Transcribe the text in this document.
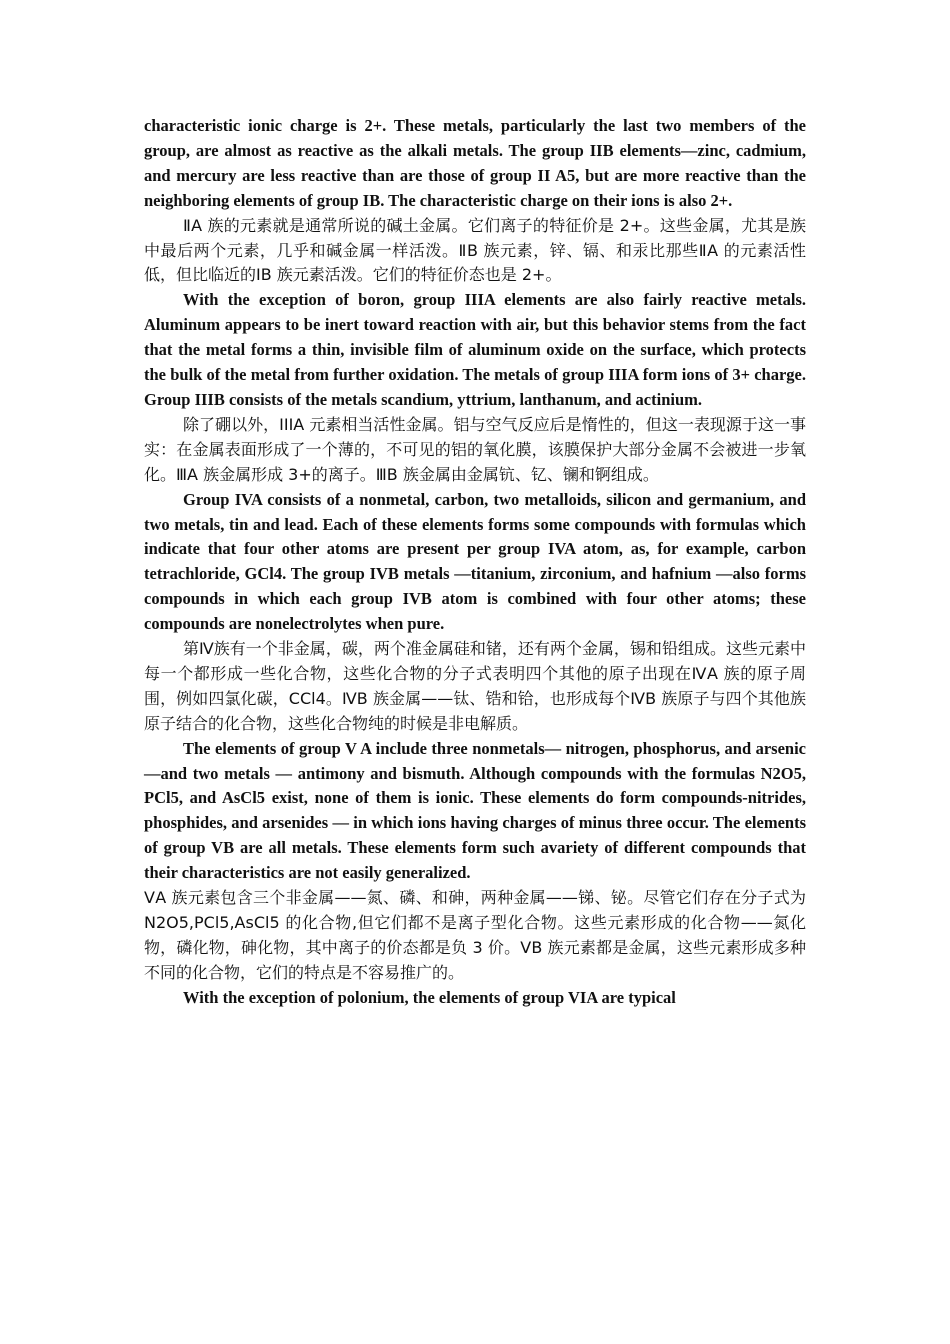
characteristic ionic charge is 2+. These metals, particularly the last two members of the group, are almost as reactive as the alkali metals. The group IIB elements—zinc, cadmium, and mercury are less reactive than are those of group II A5, but are more reactive than the neighboring elements of group IB. The characteristic charge on their ions is also 2+.

ⅡA 族的元素就是通常所说的碱土金属。它们离子的特征价是 2+。这些金属，尤其是族中最后两个元素，几乎和碱金属一样活泼。ⅡB 族元素，锌、镉、和汞比那些ⅡA 的元素活性低，但比临近的ⅠB 族元素活泼。它们的特征价态也是 2+。

With the exception of boron, group IIIA elements are also fairly reactive metals. Aluminum appears to be inert toward reaction with air, but this behavior stems from the fact that the metal forms a thin, invisible film of aluminum oxide on the surface, which protects the bulk of the metal from further oxidation. The metals of group IIIA form ions of 3+ charge. Group IIIB consists of the metals scandium, yttrium, lanthanum, and actinium.

除了硼以外，IIIA 元素相当活性金属。铝与空气反应后是惰性的，但这一表现源于这一事实：在金属表面形成了一个薄的，不可见的铝的氧化膜，该膜保护大部分金属不会被进一步氧化。ⅢA 族金属形成 3+的离子。ⅢB 族金属由金属钪、钇、镧和锕组成。

Group IVA consists of a nonmetal, carbon, two metalloids, silicon and germanium, and two metals, tin and lead. Each of these elements forms some compounds with formulas which indicate that four other atoms are present per group IVA atom, as, for example, carbon tetrachloride, GCl4. The group IVB metals —titanium, zirconium, and hafnium —also forms compounds in which each group IVB atom is combined with four other atoms; these compounds are nonelectrolytes when pure.

第Ⅳ族有一个非金属，碳，两个准金属硅和锗，还有两个金属，锡和铅组成。这些元素中每一个都形成一些化合物，这些化合物的分子式表明四个其他的原子出现在ⅣA 族的原子周围，例如四氯化碳，CCl4。ⅣB 族金属——钛、锆和铪，也形成每个ⅣB 族原子与四个其他族原子结合的化合物，这些化合物纯的时候是非电解质。

The elements of group V A include three nonmetals— nitrogen, phosphorus, and arsenic—and two metals — antimony and bismuth. Although compounds with the formulas N2O5, PCl5, and AsCl5 exist, none of them is ionic. These elements do form compounds-nitrides, phosphides, and arsenides — in which ions having charges of minus three occur. The elements of group VB are all metals. These elements form such avariety of different compounds that their characteristics are not easily generalized.

ⅤA 族元素包含三个非金属——氮、磷、和砷，两种金属——锑、铋。尽管它们存在分子式为 N2O5,PCl5,AsCl5 的化合物,但它们都不是离子型化合物。这些元素形成的化合物——氮化物，磷化物，砷化物，其中离子的价态都是负 3 价。ⅤB 族元素都是金属，这些元素形成多种不同的化合物，它们的特点是不容易推广的。

With the exception of polonium, the elements of group VIA are typical
